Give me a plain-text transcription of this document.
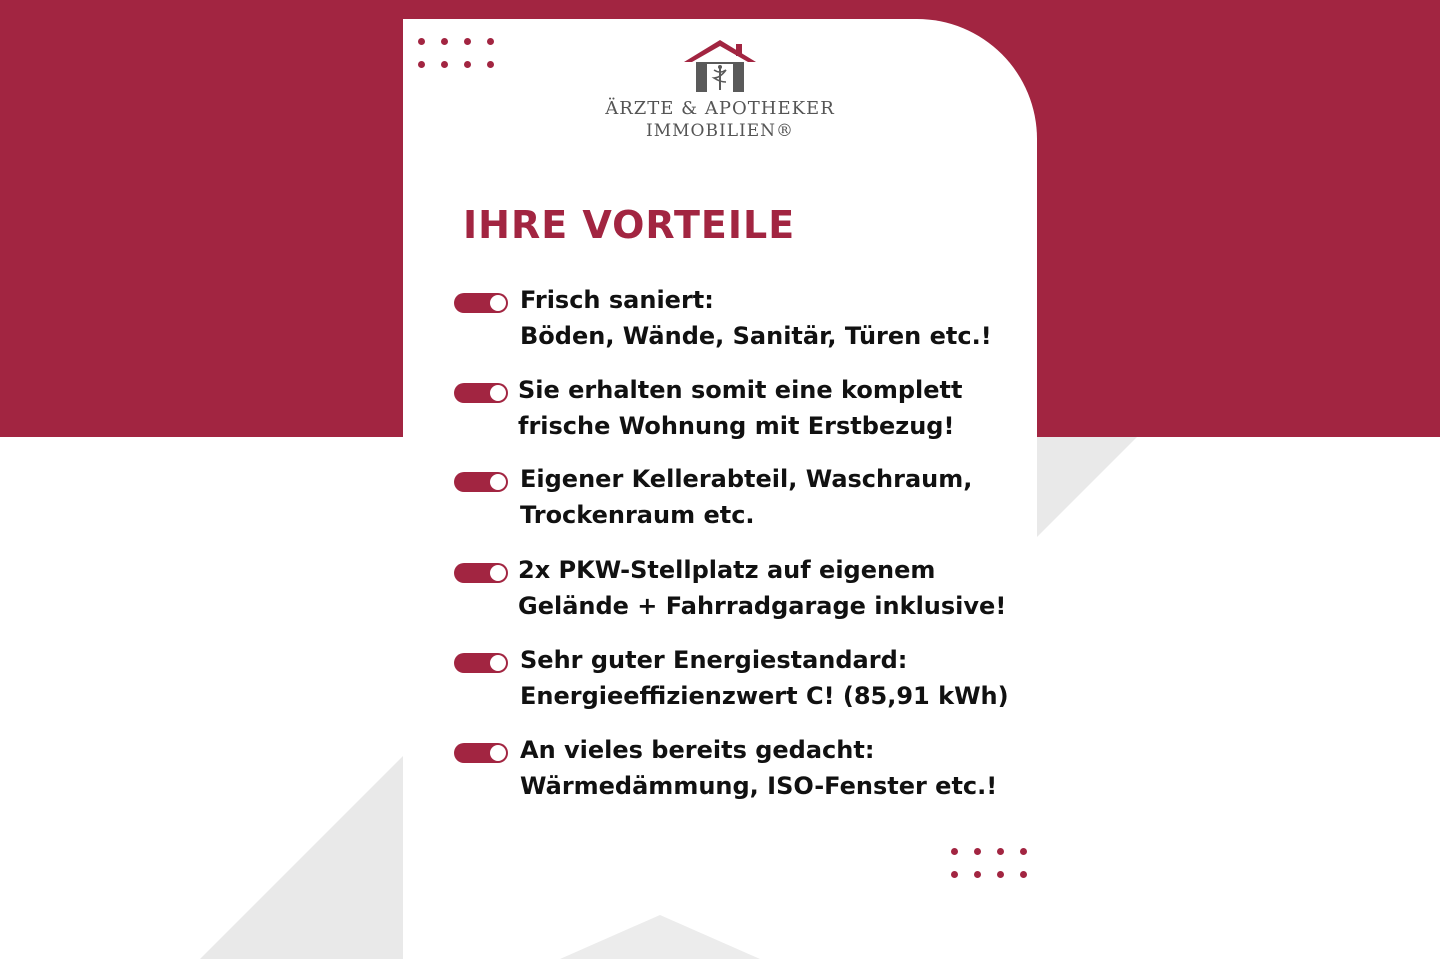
ÄRZTE & APOTHEKER
IMMOBILIEN®
IHRE VORTEILE
Frisch saniert:
Böden, Wände, Sanitär, Türen etc.!
Sie erhalten somit eine komplett
frische Wohnung mit Erstbezug!
Eigener Kellerabteil, Waschraum,
Trockenraum etc.
2x PKW-Stellplatz auf eigenem
Gelände + Fahrradgarage inklusive!
Sehr guter Energiestandard:
Energieeffizienzwert C! (85,91 kWh)
An vieles bereits gedacht:
Wärmedämmung, ISO-Fenster etc.!
